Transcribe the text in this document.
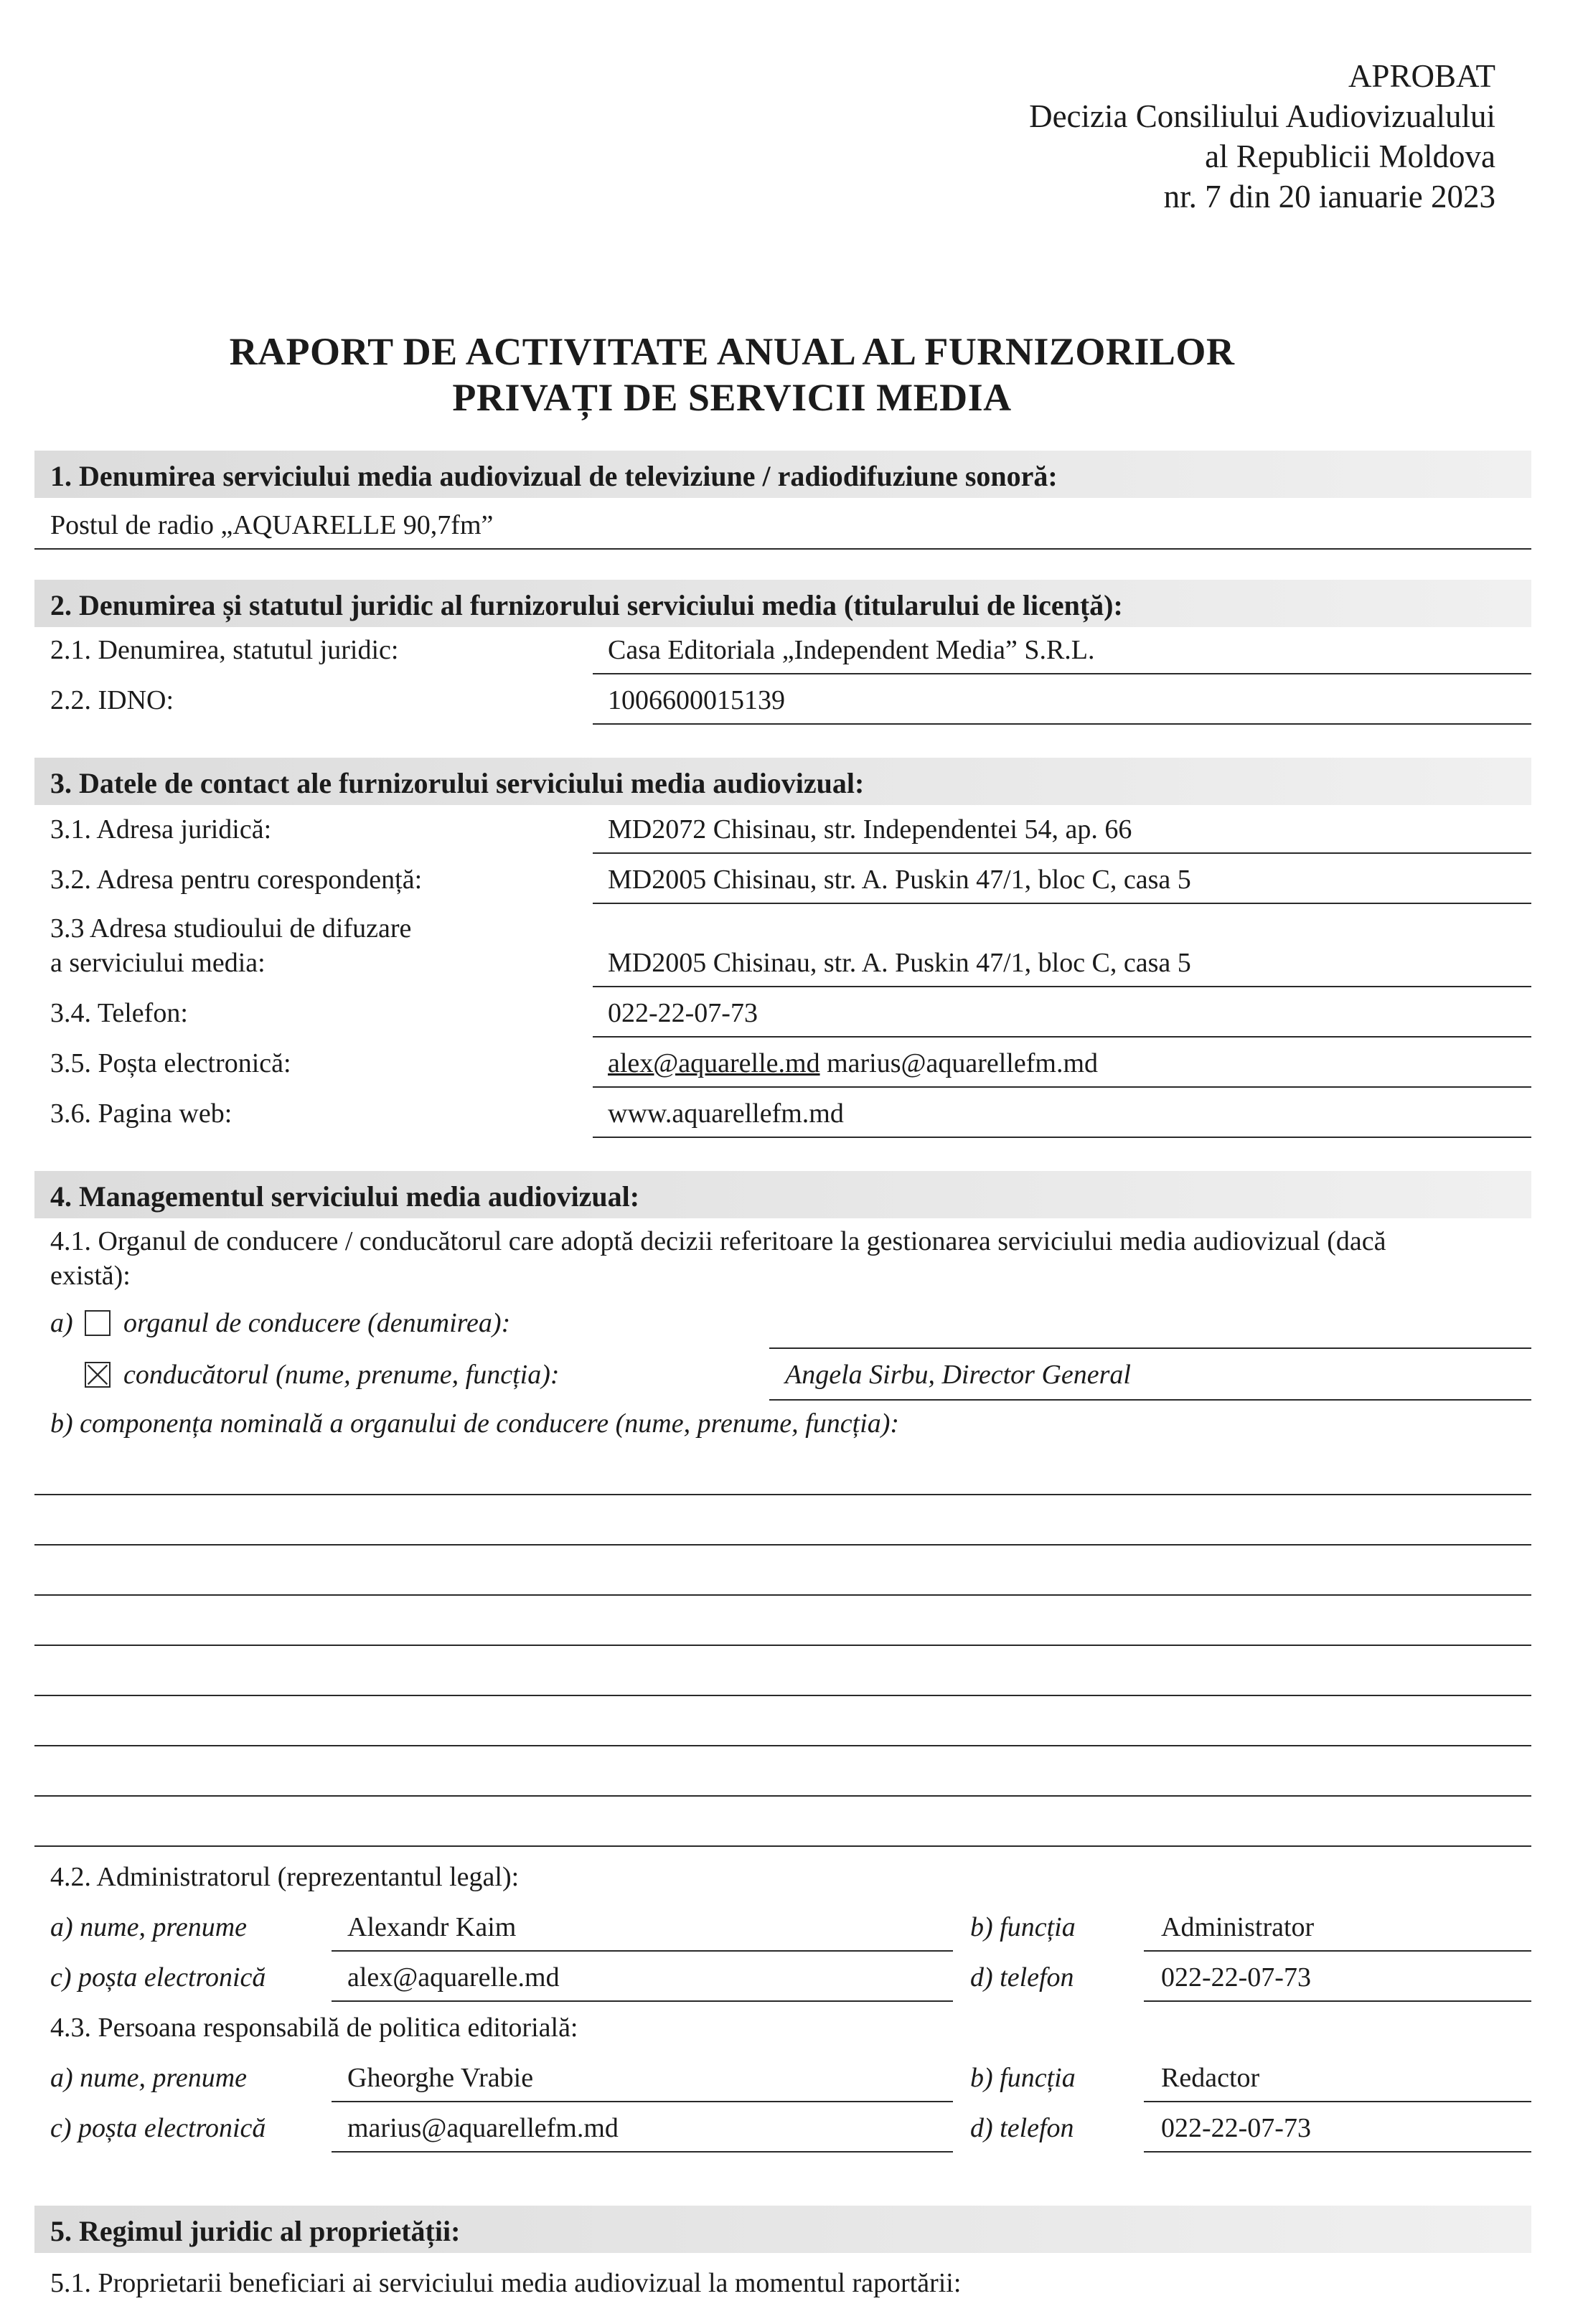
APROBAT
Decizia Consiliului Audiovizualului
al Republicii Moldova
nr. 7 din 20 ianuarie 2023
RAPORT DE ACTIVITATE ANUAL AL FURNIZORILOR
PRIVAȚI DE SERVICII MEDIA
1. Denumirea serviciului media audiovizual de televiziune / radiodifuziune sonoră:
Postul de radio „AQUARELLE 90,7fm”
2. Denumirea și statutul juridic al furnizorului serviciului media (titularului de licență):
2.1. Denumirea, statutul juridic:	Casa Editoriala „Independent Media” S.R.L.
2.2. IDNO:	1006600015139
3. Datele de contact ale furnizorului serviciului media audiovizual:
3.1. Adresa juridică:	MD2072 Chisinau, str. Independentei 54, ap. 66
3.2. Adresa pentru corespondență:	MD2005 Chisinau, str. A. Puskin 47/1, bloc C, casa 5
3.3 Adresa studioului de difuzare
a serviciului media:	MD2005 Chisinau, str. A. Puskin 47/1, bloc C, casa 5
3.4. Telefon:	022-22-07-73
3.5. Poșta electronică:	alex@aquarelle.md marius@aquarellefm.md
3.6. Pagina web:	www.aquarellefm.md
4. Managementul serviciului media audiovizual:
4.1. Organul de conducere / conducătorul care adoptă decizii referitoare la gestionarea serviciului media audiovizual (dacă
există):
a) organul de conducere (denumirea):
conducătorul (nume, prenume, funcția):	Angela Sirbu, Director General
b) componența nominală a organului de conducere (nume, prenume, funcția):
4.2. Administratorul (reprezentantul legal):
a) nume, prenume	Alexandr Kaim	b) funcția	Administrator
c) poșta electronică	alex@aquarelle.md	d) telefon	022-22-07-73
4.3. Persoana responsabilă de politica editorială:
a) nume, prenume	Gheorghe Vrabie	b) funcția	Redactor
c) poșta electronică	marius@aquarellefm.md	d) telefon	022-22-07-73
5. Regimul juridic al proprietății:
5.1. Proprietarii beneficiari ai serviciului media audiovizual la momentul raportării:
